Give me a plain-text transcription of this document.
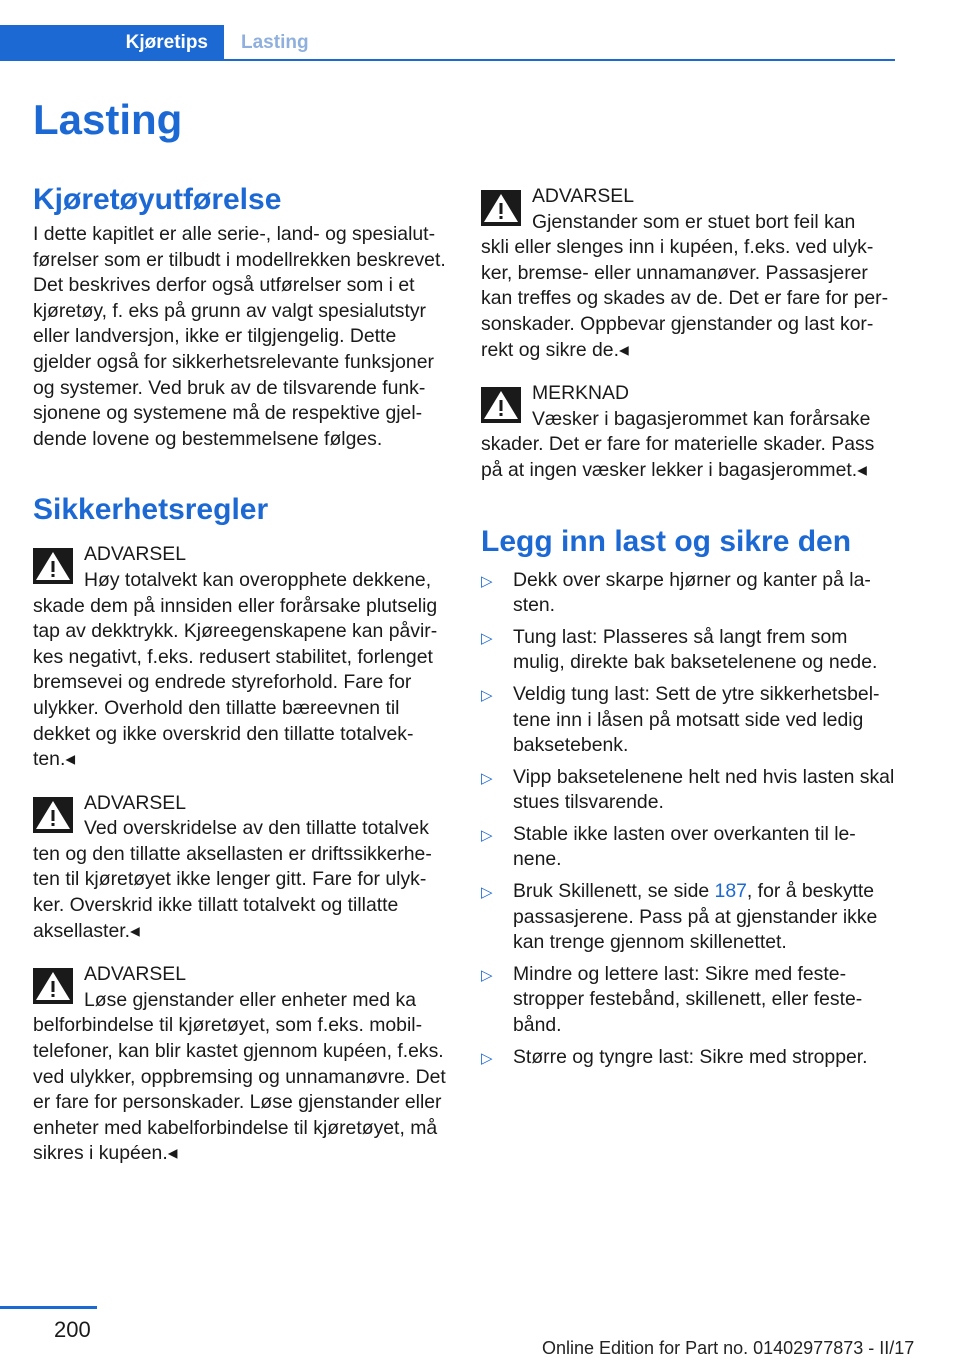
Kjøretips	Lasting
Lasting
Kjøretøyutførelse

I dette kapitlet er alle serie-, land- og spesialutførelser som er tilbudt i modellrekken beskrevet. Det beskrives derfor også utførelser som i et kjøretøy, f. eks på grunn av valgt spesialutstyr eller landversjon, ikke er tilgjengelig. Dette gjelder også for sikkerhetsrelevante funksjoner og systemer. Ved bruk av de tilsvarende funksjonene og systemene må de respektive gjeldende lovene og bestemmelsene følges.

Sikkerhetsregler
ADVARSEL
Høy totalvekt kan overopphete dekkene,
skade dem på innsiden eller forårsake plutselig tap av dekktrykk. Kjøreegenskapene kan påvirkes negativt, f.eks. redusert stabilitet, forlenget bremsevei og endrede styreforhold. Fare for ulykker. Overhold den tillatte bæreevnen til dekket og ikke overskrid den tillatte totalvekten.◂
ADVARSEL
Ved overskridelse av den tillatte totalvek
ten og den tillatte aksellasten er driftssikkerheten til kjøretøyet ikke lenger gitt. Fare for ulykker. Overskrid ikke tillatt totalvekt og tillatte aksellaster.◂
ADVARSEL
Løse gjenstander eller enheter med ka
belforbindelse til kjøretøyet, som f.eks. mobiltelefoner, kan blir kastet gjennom kupéen, f.eks. ved ulykker, oppbremsing og unnamanøvre. Det er fare for personskader. Løse gjenstander eller enheter med kabelforbindelse til kjøretøyet, må sikres i kupéen.◂
ADVARSEL
Gjenstander som er stuet bort feil kan
skli eller slenges inn i kupéen, f.eks. ved ulykker, bremse- eller unnamanøver. Passasjerer kan treffes og skades av de. Det er fare for personskader. Oppbevar gjenstander og last korrekt og sikre de.◂
MERKNAD
Væsker i bagasjerommet kan forårsake
skader. Det er fare for materielle skader. Pass på at ingen væsker lekker i bagasjerommet.◂
Legg inn last og sikre den
▷ Dekk over skarpe hjørner og kanter på lasten.
▷ Tung last: Plasseres så langt frem som mulig, direkte bak baksetelenene og nede.
▷ Veldig tung last: Sett de ytre sikkerhetsbeltene inn i låsen på motsatt side ved ledig baksetebenk.
▷ Vipp baksetelenene helt ned hvis lasten skal stues tilsvarende.
▷ Stable ikke lasten over overkanten til lenene.
▷ Bruk Skillenett, se side 187, for å beskytte passasjerene. Pass på at gjenstander ikke kan trenge gjennom skillenettet.
▷ Mindre og lettere last: Sikre med festestropper festebånd, skillenett, eller festebånd.
▷ Større og tyngre last: Sikre med stropper.
200
Online Edition for Part no. 01402977873 - II/17
